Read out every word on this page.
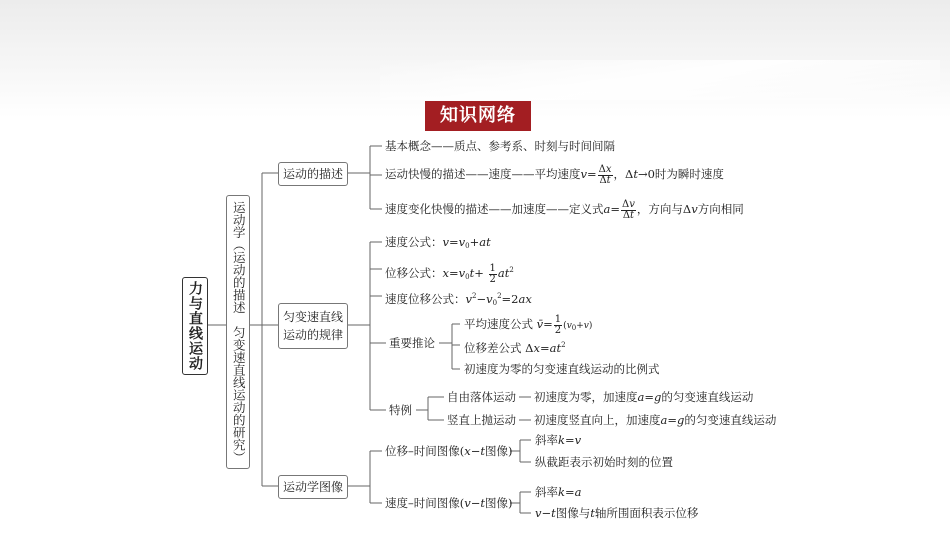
知识网络
力与直线运动 运动学（运动的描述　匀变速直线运动的研究）
运动的描述
匀变速直线运动的规律
运动学图像
基本概念——质点、参考系、时刻与时间间隔
运动快慢的描述——速度——平均速度$v= \frac{\Delta x}{\Delta t}$ ，Δt→0时为瞬时速度
速度变化快慢的描述——加速度——定义式$a= \frac{\Delta v}{\Delta t}$ ，方向与Δv方向相同
速度公式：$v=v_0+at$
位移公式：$x=v_0t+ \frac{1}{2} at^2$
速度位移公式：$v^2-v_0^2=2ax$
重要推论
平均速度公式 v̄= $\frac{1}{2} (v_0+v)$
位移差公式 $\Delta x=at^2$
初速度为零的匀变速直线运动的比例式
特例
自由落体运动 初速度为零，加速度a=g的匀变速直线运动
竖直上抛运动 初速度竖直向上，加速度a=g的匀变速直线运动
位移–时间图像(x−t图像)
斜率k=v
纵截距表示初始时刻的位置
速度–时间图像(v−t图像)
斜率k=a
v−t图像与t轴所围面积表示位移
